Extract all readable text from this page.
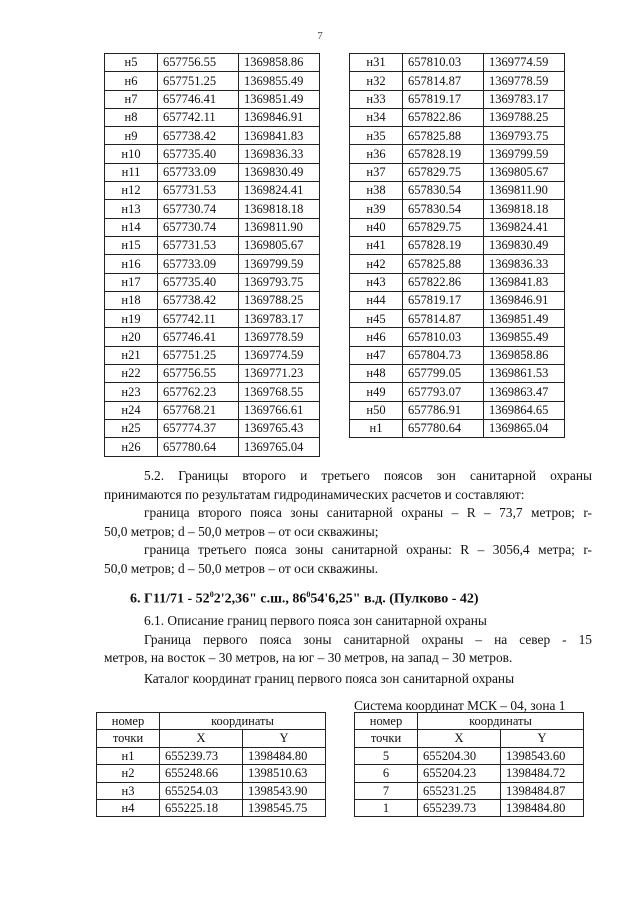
7
н5	657756.55	1369858.86
н6	657751.25	1369855.49
н7	657746.41	1369851.49
н8	657742.11	1369846.91
н9	657738.42	1369841.83
н10	657735.40	1369836.33
н11	657733.09	1369830.49
н12	657731.53	1369824.41
н13	657730.74	1369818.18
н14	657730.74	1369811.90
н15	657731.53	1369805.67
н16	657733.09	1369799.59
н17	657735.40	1369793.75
н18	657738.42	1369788.25
н19	657742.11	1369783.17
н20	657746.41	1369778.59
н21	657751.25	1369774.59
н22	657756.55	1369771.23
н23	657762.23	1369768.55
н24	657768.21	1369766.61
н25	657774.37	1369765.43
н26	657780.64	1369765.04
н31	657810.03	1369774.59
н32	657814.87	1369778.59
н33	657819.17	1369783.17
н34	657822.86	1369788.25
н35	657825.88	1369793.75
н36	657828.19	1369799.59
н37	657829.75	1369805.67
н38	657830.54	1369811.90
н39	657830.54	1369818.18
н40	657829.75	1369824.41
н41	657828.19	1369830.49
н42	657825.88	1369836.33
н43	657822.86	1369841.83
н44	657819.17	1369846.91
н45	657814.87	1369851.49
н46	657810.03	1369855.49
н47	657804.73	1369858.86
н48	657799.05	1369861.53
н49	657793.07	1369863.47
н50	657786.91	1369864.65
н1	657780.64	1369865.04
5.2. Границы второго и третьего поясов зон санитарной охраны
принимаются по результатам гидродинамических расчетов и составляют:
граница второго пояса зоны санитарной охраны – R – 73,7 метров; r-
50,0 метров; d – 50,0 метров – от оси скважины;
граница третьего пояса зоны санитарной охраны: R – 3056,4 метра; r-
50,0 метров; d – 50,0 метров – от оси скважины.
6. $Г11/71 - 52^02'2,36$" с.ш., $86^054'6,25$" в.д. (Пулково - 42)
6.1. Описание границ первого пояса зон санитарной охраны
Граница первого пояса зоны санитарной охраны – на север - 15
метров, на восток – 30 метров, на юг – 30 метров, на запад – 30 метров.
Каталог координат границ первого пояса зон санитарной охраны
Система координат МСК – 04, зона 1
номер	координаты	
точки	X	Y
н1	655239.73	1398484.80
н2	655248.66	1398510.63
н3	655254.03	1398543.90
н4	655225.18	1398545.75
номер	координаты	
точки	X	Y
5	655204.30	1398543.60
6	655204.23	1398484.72
7	655231.25	1398484.87
1	655239.73	1398484.80
